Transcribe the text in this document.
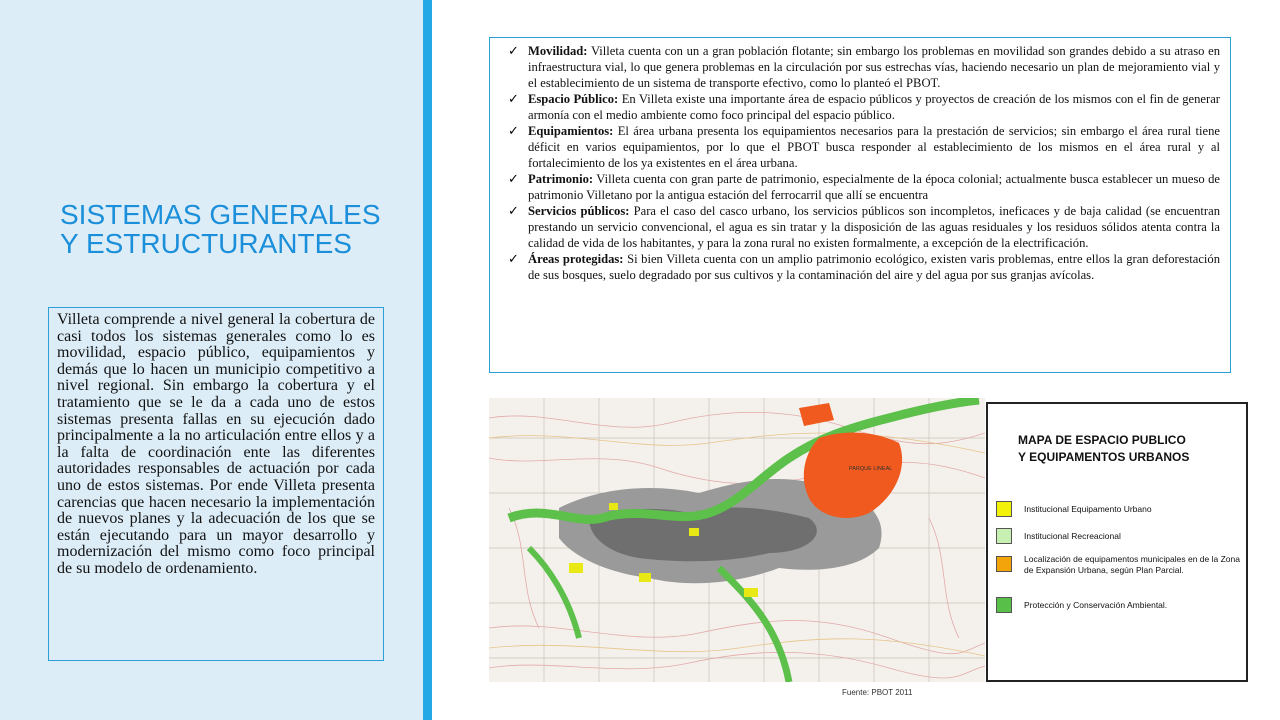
SISTEMAS GENERALES Y ESTRUCTURANTES

Villeta comprende a nivel general la cobertura de casi todos los sistemas generales como lo es movilidad, espacio público, equipamientos y demás que lo hacen un municipio competitivo a nivel regional. Sin embargo la cobertura y el tratamiento que se le da a cada uno de estos sistemas presenta fallas en su ejecución dado principalmente a la no articulación entre ellos y a la falta de coordinación ente las diferentes autoridades responsables de actuación por cada uno de estos sistemas. Por ende Villeta presenta carencias que hacen necesario la implementación de nuevos planes y la adecuación de los que se están ejecutando para un mayor desarrollo y modernización del mismo como foco principal de su modelo de ordenamiento.

✓ Movilidad: Villeta cuenta con un a gran población flotante; sin embargo los problemas en movilidad son grandes debido a su atraso en infraestructura vial, lo que genera problemas en la circulación por sus estrechas vías, haciendo necesario un plan de mejoramiento vial y el establecimiento de un sistema de transporte efectivo, como lo planteó el PBOT.
✓ Espacio Público: En Villeta existe una importante área de espacio públicos y proyectos de creación de los mismos con el fin de generar armonía con el medio ambiente como foco principal del espacio público.
✓ Equipamientos: El área urbana presenta los equipamientos necesarios para la prestación de servicios; sin embargo el área rural tiene déficit en varios equipamientos, por lo que el PBOT busca responder al establecimiento de los mismos en el área rural y al fortalecimiento de los ya existentes en el área urbana.
✓ Patrimonio: Villeta cuenta con gran parte de patrimonio, especialmente de la época colonial; actualmente busca establecer un mueso de patrimonio Villetano por la antigua estación del ferrocarril que allí se encuentra
✓ Servicios públicos: Para el caso del casco urbano, los servicios públicos son incompletos, ineficaces y de baja calidad (se encuentran prestando un servicio convencional, el agua es sin tratar y la disposición de las aguas residuales y los residuos sólidos atenta contra la calidad de vida de los habitantes, y para la zona rural no existen formalmente, a excepción de la electrificación.
✓ Áreas protegidas: Si bien Villeta cuenta con un amplio patrimonio ecológico, existen varis problemas, entre ellos la gran deforestación de sus bosques, suelo degradado por sus cultivos y la contaminación del aire y del agua por sus granjas avícolas.
PARQUE LINEAL
MAPA DE ESPACIO PUBLICO
Y EQUIPAMENTOS URBANOS
Institucional Equipamento Urbano
Institucional Recreacional
Localización de equipamentos municipales en de la Zona de Expansión Urbana, según Plan Parcial.
Protección y Conservación Ambiental.
Fuente: PBOT 2011
